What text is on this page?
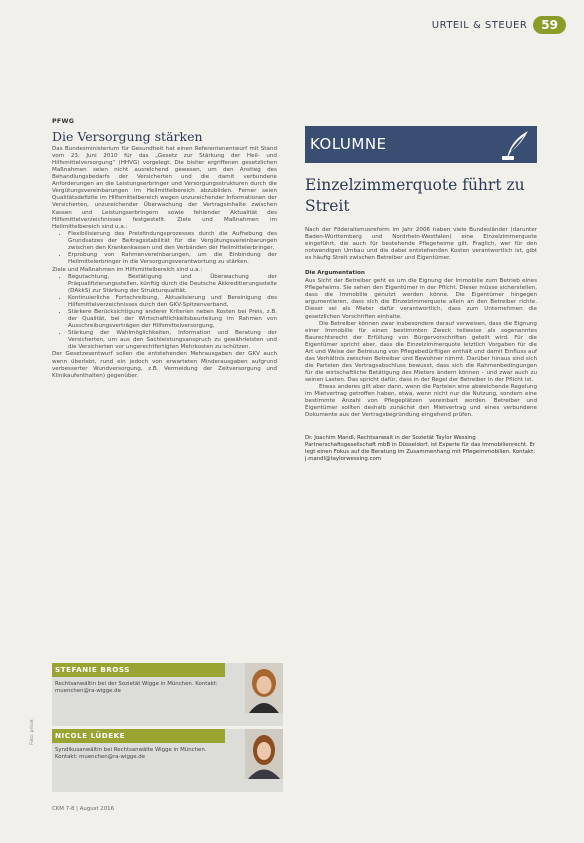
URTEIL & STEUER	59
PFWG
Die Versorgung stärken

Das Bundesministerium für Gesundheit hat einen Referentenentwurf mit Stand vom 23. Juni 2010 für das „Gesetz zur Stärkung der Heil- und Hilfsmittelversorgung“ (HHVG) vorgelegt. Die bisher ergriffenen gesetzlichen Maßnahmen seien nicht ausreichend gewesen, um den Anstieg des Behandlungsbedarfs der Versicherten und die damit verbundene Anforderungen an die Leistungserbringer und Versorgungsstrukturen durch die Vergütungsvereinbarungen im Heilmittelbereich abzubilden. Ferner seien Qualitätsdefizite im Hilfsmittelbereich wegen unzureichender Informationen der Versicherten, unzureichender Überwachung der Vertragsinhalte zwischen Kassen und Leistungserbringern sowie fehlender Aktualität des Hilfsmittelverzeichnisses festgestellt. Ziele und Maßnahmen im Heilmittelbereich sind u.a.:

• Flexibilisierung des Preisfindungsprozesses durch die Aufhebung des Grundsatzes der Beitragsstabilität für die Vergütungsvereinbarungen zwischen den Krankenkassen und den Verbänden der Heilmittelerbringer,
• Erprobung von Rahmenvereinbarungen, um die Einbindung der Heilmittelerbringer in die Versorgungsverantwortung zu stärken.

Ziele und Maßnahmen im Hilfsmittelbereich sind u.a.:

• Begutachtung, Bestätigung und Überwachung der Präqualifizierungsstellen, künftig durch die Deutsche Akkreditierungsstelle (DAkkS) zur Stärkung der Strukturqualität,
• Kontinuierliche Fortschreibung, Aktualisierung und Bereinigung des Hilfsmittelverzeichnisses durch den GKV-Spitzenverband,
• Stärkere Berücksichtigung anderer Kriterien neben Kosten bei Preis, z.B. der Qualität, bei der Wirtschaftlichkeitsbeurteilung im Rahmen von Ausschreibungsverträgen der Hilfsmittelversorgung,
• Stärkung der Wahlmöglichkeiten, Information und Beratung der Versicherten, um aus den Sachleistungsanspruch zu gewährleisten und die Versicherten vor ungerechtfertigten Mehrkosten zu schützen.

Der Gesetzesentwurf sollen die entstehenden Mehrausgaben der GKV auch wenn überlebt, rund ein jedoch von erwarteten Minderausgaben aufgrund verbesserter Wundversorgung, z.B. Vermeidung der Zeitversorgung und Klinikaufenthalten) gegenüber.

STEFANIE BROSS
Rechtsanwältin bei der Sozietät Wigge in München. Kontakt: muenchen@ra-wigge.de
NICOLE LÜDEKE
Syndikusanwältin bei Rechtsanwälte Wigge in München. Kontakt: muenchen@ra-wigge.de
KOLUMNE
Einzelzimmerquote führt zu Streit

Nach der Föderalismusreform im Jahr 2006 haben viele Bundesländer (darunter Baden-Württemberg und Nordrhein-Westfalen) eine Einzelzimmerquote eingeführt, die auch für bestehende Pflegeheime gilt. Fraglich, wer für den notwendigen Umbau und die dabei entstehenden Kosten verantwortlich ist, gibt es häufig Streit zwischen Betreiber und Eigentümer.

Die Argumentation

Aus Sicht der Betreiber geht es um die Eignung der Immobilie zum Betrieb eines Pflegeheims. Sie sehen den Eigentümer in der Pflicht. Dieser müsse sicherstellen, dass die Immobilie genutzt werden könne. Die Eigentümer hingegen argumentieren, dass sich die Einzelzimmerquote allein an den Betreiber richte. Dieser sei als Mieter dafür verantwortlich, dass zum Unternehmen die gesetzlichen Vorschriften einhalte.

Die Betreiber können zwar insbesondere darauf verweisen, dass die Eignung einer Immobilie für einen bestimmten Zweck teilweise als sogenanntes Baurechtsrecht der Erfüllung von Bürgervorschriften geteilt wird. Für die Eigentümer spricht aber, dass die Einzelzimmerquote letztlich Vorgaben für die Art und Weise der Betreuung von Pflegebedürftigen enthält und damit Einfluss auf das Verhältnis zwischen Betreiber und Bewohner nimmt. Darüber hinaus sind sich die Parteien des Vertragsabschluss bewusst, dass sich die Rahmenbedingungen für die wirtschaftliche Betätigung des Mieters ändern können – und zwar auch zu seinen Lasten. Das spricht dafür, dass in der Regel der Betreiber in der Pflicht ist.

Etwas anderes gilt aber dann, wenn die Parteien eine abweichende Regelung im Mietvertrag getroffen haben, etwa, wenn nicht nur die Nutzung, sondern eine bestimmte Anzahl von Pflegeplätzen vereinbart worden. Betreiber und Eigentümer sollten deshalb zunächst den Mietvertrag und eines verbundene Dokumente aus der Vertragsbegründung eingehend prüfen.

Dr. Joachim Mandl, Rechtsanwalt in der Sozietät Taylor Wessing Partnerschaftsgesellschaft mbB in Düsseldorf, ist Experte für das Immobilienrecht. Er legt einen Fokus auf die Beratung im Zusammenhang mit Pflegeimmobilien. Kontakt: j.mandl@taylorwessing.com
Foto: privat
CKM 7-8 | August 2016
